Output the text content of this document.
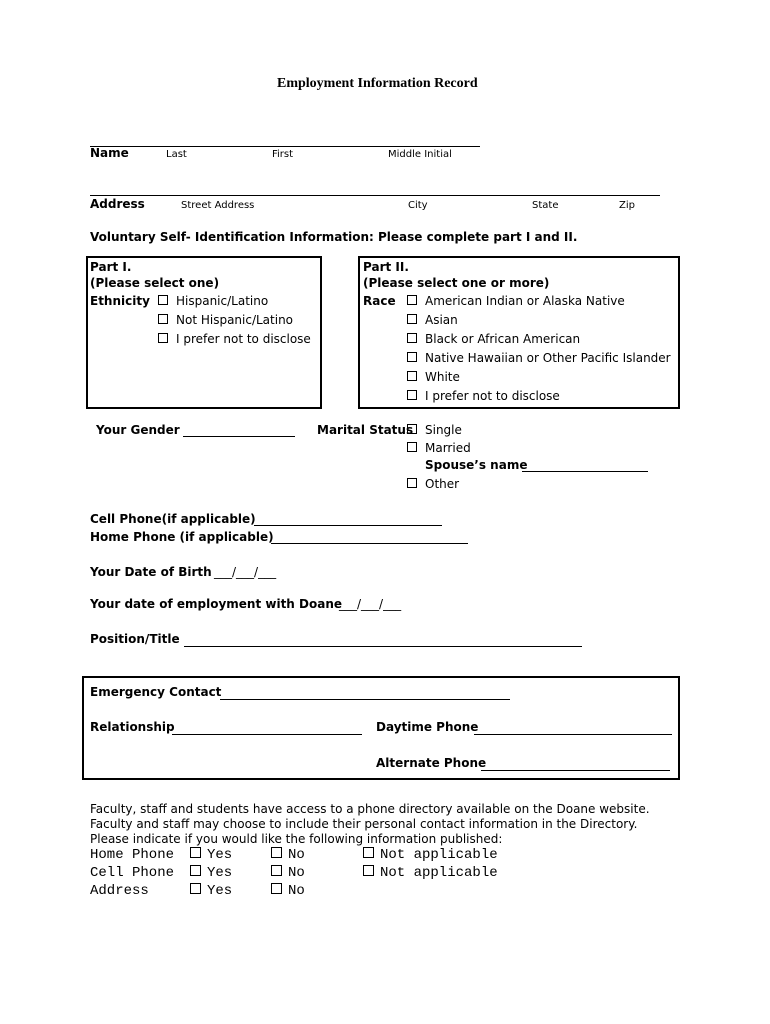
Employment Information Record
Name	Last	First	Middle Initial
Address	Street Address	City	State	Zip
Voluntary Self- Identification Information: Please complete part I and II.
Part I.
(Please select one)
Ethnicity	Hispanic/Latino
Not Hispanic/Latino
I prefer not to disclose
Part II.
(Please select one or more)
Race	American Indian or Alaska Native
Asian
Black or African American
Native Hawaiian or Other Pacific Islander
White
I prefer not to disclose
Your Gender	Marital Status Single
Married
Spouse’s name
Other
Cell Phone(if applicable)
Home Phone (if applicable)
Your Date of Birth ___/___/___
Your date of employment with Doane
___/___/___
Position/Title
Emergency Contact
Relationship	Daytime Phone
Alternate Phone
Faculty, staff and students have access to a phone directory available on the Doane website.
Faculty and staff may choose to include their personal contact information in the Directory.
Please indicate if you would like the following information published:
Home Phone	Yes	No	Not applicable
Cell Phone	Yes	No	Not applicable
Address	Yes	No
